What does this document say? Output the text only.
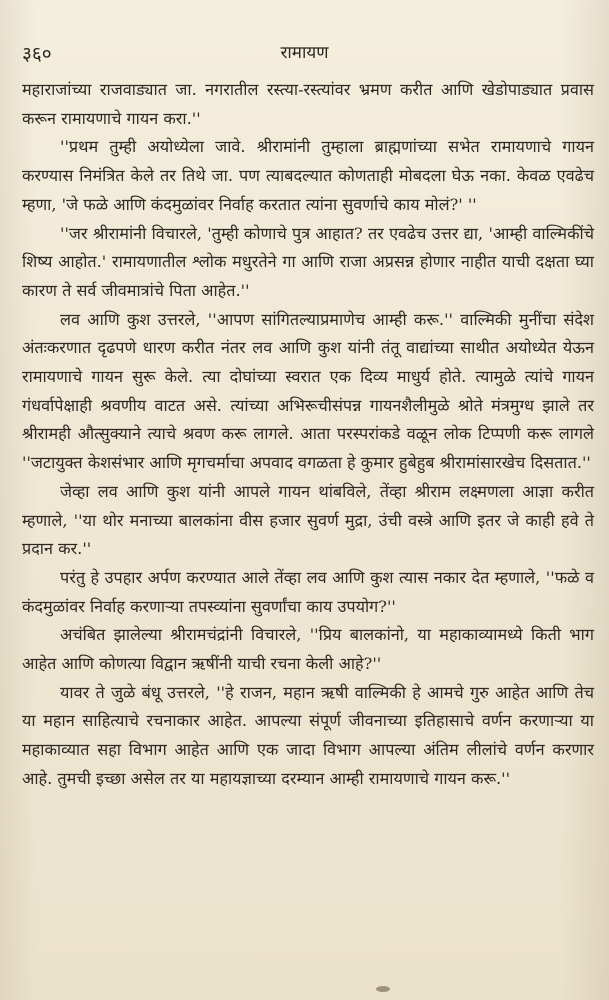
३६०	रामायण

महाराजांच्या राजवाड्यात जा. नगरातील रस्त्या-रस्त्यांवर भ्रमण करीत आणि खेडोपाड्यात प्रवास करून रामायणाचे गायन करा.''

''प्रथम तुम्ही अयोध्येला जावे. श्रीरामांनी तुम्हाला ब्राह्मणांच्या सभेत रामायणाचे गायन करण्यास निमंत्रित केले तर तिथे जा. पण त्याबदल्यात कोणताही मोबदला घेऊ नका. केवळ एवढेच म्हणा, 'जे फळे आणि कंदमुळांवर निर्वाह करतात त्यांना सुवर्णाचे काय मोलं?' ''

''जर श्रीरामांनी विचारले, 'तुम्ही कोणाचे पुत्र आहात? तर एवढेच उत्तर द्या, 'आम्ही वाल्मिकींचे शिष्य आहोत.' रामायणातील श्लोक मधुरतेने गा आणि राजा अप्रसन्न होणार नाहीत याची दक्षता घ्या कारण ते सर्व जीवमात्रांचे पिता आहेत.''

लव आणि कुश उत्तरले, ''आपण सांगितल्याप्रमाणेच आम्ही करू.'' वाल्मिकी मुनींचा संदेश अंतःकरणात दृढपणे धारण करीत नंतर लव आणि कुश यांनी तंतू वाद्यांच्या साथीत अयोध्येत येऊन रामायणाचे गायन सुरू केले. त्या दोघांच्या स्वरात एक दिव्य माधुर्य होते. त्यामुळे त्यांचे गायन गंधर्वापेक्षाही श्रवणीय वाटत असे. त्यांच्या अभिरूचीसंपन्न गायनशैलीमुळे श्रोते मंत्रमुग्ध झाले तर श्रीरामही औत्सुक्याने त्याचे श्रवण करू लागले. आता परस्परांकडे वळून लोक टिप्पणी करू लागले ''जटायुक्त केशसंभार आणि मृगचर्माचा अपवाद वगळता हे कुमार हुबेहुब श्रीरामांसारखेच दिसतात.''

जेव्हा लव आणि कुश यांनी आपले गायन थांबविले, तेंव्हा श्रीराम लक्ष्मणला आज्ञा करीत म्हणाले, ''या थोर मनाच्या बालकांना वीस हजार सुवर्ण मुद्रा, उंची वस्त्रे आणि इतर जे काही हवे ते प्रदान कर.''

परंतु हे उपहार अर्पण करण्यात आले तेंव्हा लव आणि कुश त्यास नकार देत म्हणाले, ''फळे व कंदमुळांवर निर्वाह करणाऱ्या तपस्व्यांना सुवर्णांचा काय उपयोग?''

अचंबित झालेल्या श्रीरामचंद्रांनी विचारले, ''प्रिय बालकांनो, या महाकाव्यामध्ये किती भाग आहेत आणि कोणत्या विद्वान ऋषींनी याची रचना केली आहे?''

यावर ते जुळे बंधू उत्तरले, ''हे राजन, महान ऋषी वाल्मिकी हे आमचे गुरु आहेत आणि तेच या महान साहित्याचे रचनाकार आहेत. आपल्या संपूर्ण जीवनाच्या इतिहासाचे वर्णन करणाऱ्या या महाकाव्यात सहा विभाग आहेत आणि एक जादा विभाग आपल्या अंतिम लीलांचे वर्णन करणार आहे. तुमची इच्छा असेल तर या महायज्ञाच्या दरम्यान आम्ही रामायणाचे गायन करू.''
